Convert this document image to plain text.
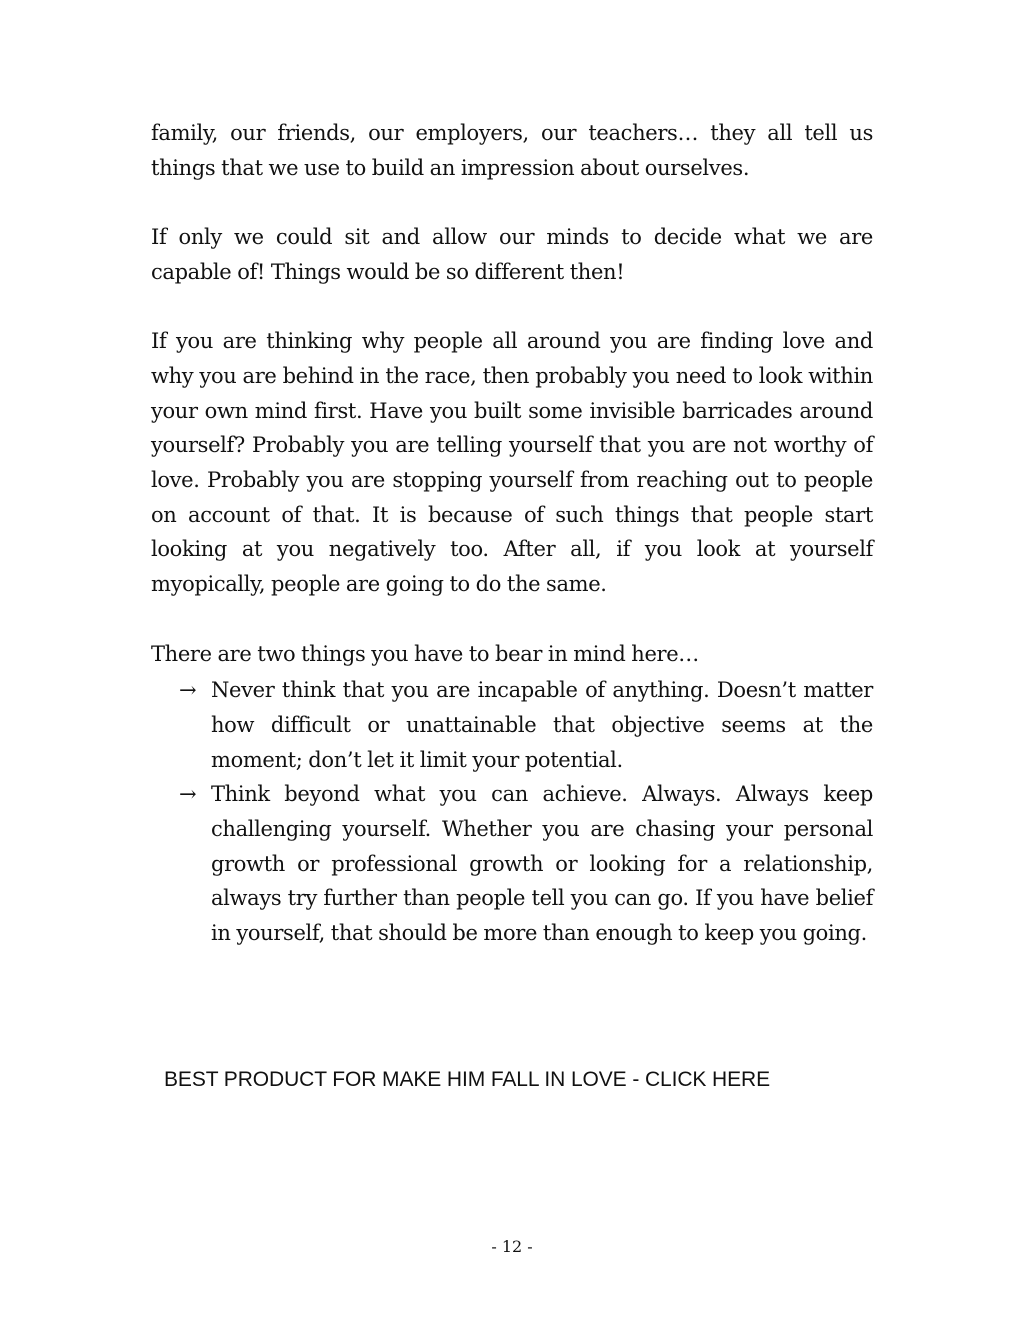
family, our friends, our employers, our teachers… they all tell us things that we use to build an impression about ourselves.

If only we could sit and allow our minds to decide what we are capable of! Things would be so different then!

If you are thinking why people all around you are finding love and why you are behind in the race, then probably you need to look within your own mind first. Have you built some invisible barricades around yourself? Probably you are telling yourself that you are not worthy of love. Probably you are stopping yourself from reaching out to people on account of that. It is because of such things that people start looking at you negatively too. After all, if you look at yourself myopically, people are going to do the same.

There are two things you have to bear in mind here…

→ Never think that you are incapable of anything. Doesn’t matter how difficult or unattainable that objective seems at the moment; don’t let it limit your potential.
→ Think beyond what you can achieve. Always. Always keep challenging yourself. Whether you are chasing your personal growth or professional growth or looking for a relationship, always try further than people tell you can go. If you have belief in yourself, that should be more than enough to keep you going.
BEST PRODUCT FOR MAKE HIM FALL IN LOVE - CLICK HERE
- 12 -
